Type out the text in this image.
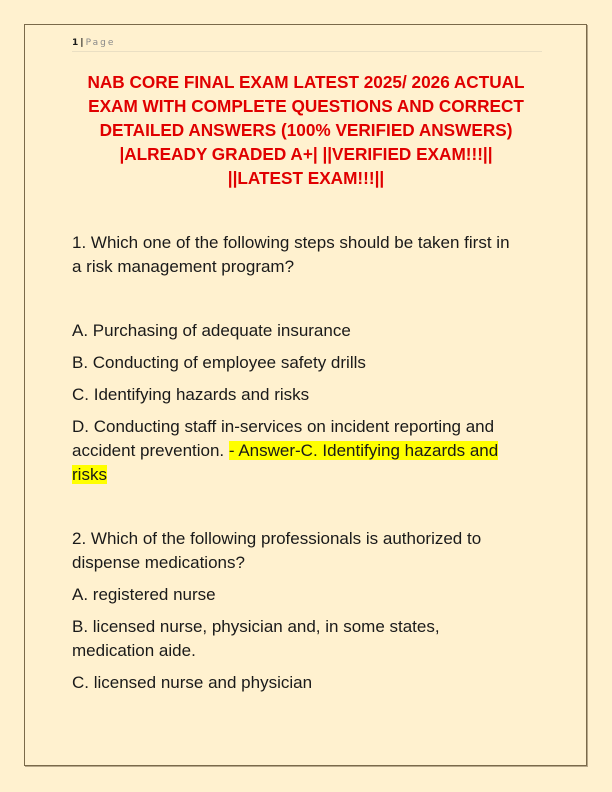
1 | Page
NAB CORE FINAL EXAM LATEST 2025/ 2026 ACTUAL
EXAM WITH COMPLETE QUESTIONS AND CORRECT
DETAILED ANSWERS (100% VERIFIED ANSWERS)
|ALREADY GRADED A+| ||VERIFIED EXAM!!!||
||LATEST EXAM!!!||
1. Which one of the following steps should be taken first in
a risk management program?
A. Purchasing of adequate insurance
B. Conducting of employee safety drills
C. Identifying hazards and risks
D. Conducting staff in-services on incident reporting and
accident prevention. - Answer-C. Identifying hazards and
risks
2. Which of the following professionals is authorized to
dispense medications?
A. registered nurse
B. licensed nurse, physician and, in some states,
medication aide.
C. licensed nurse and physician
